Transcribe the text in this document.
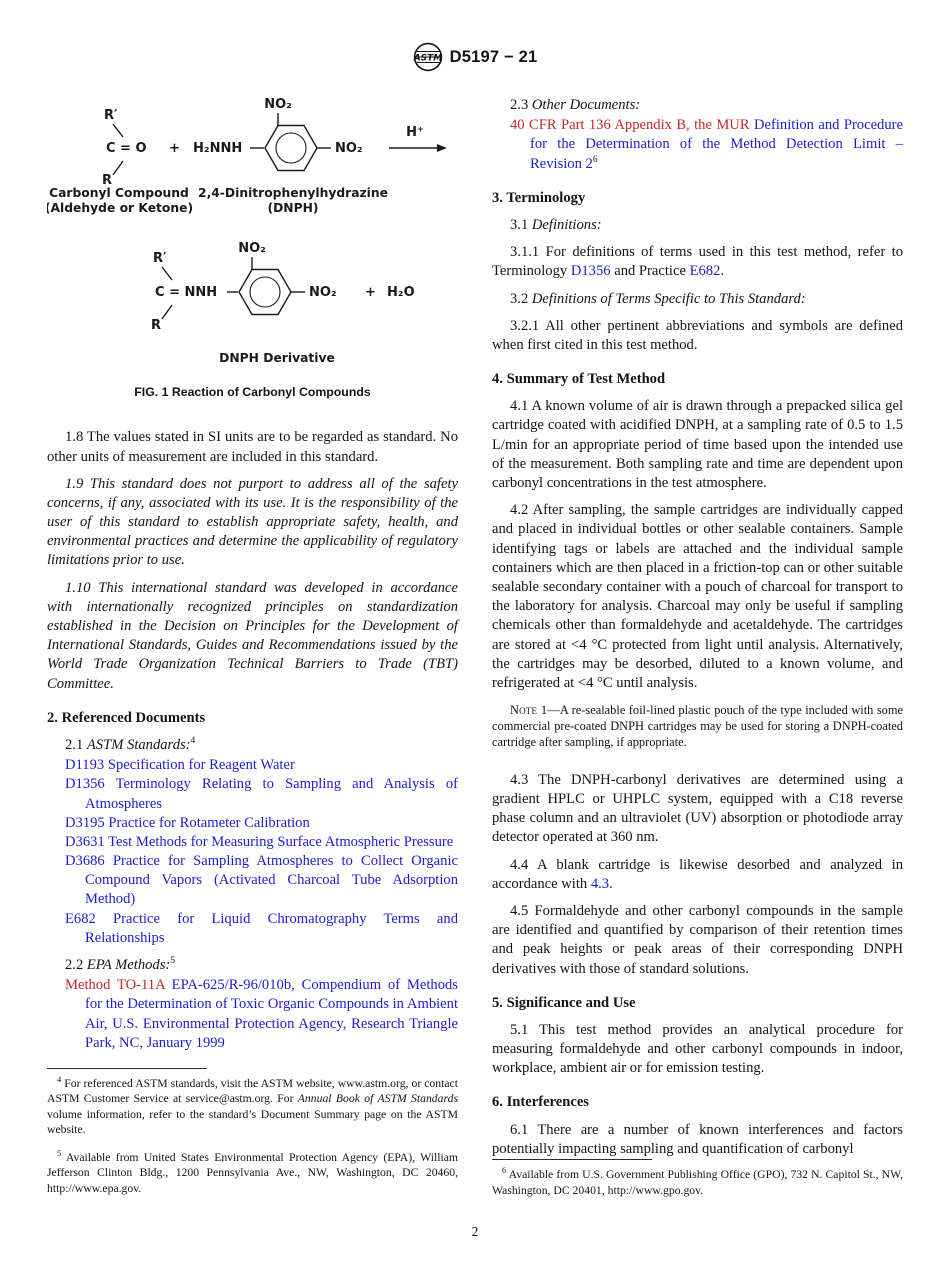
ASTM D5197 − 21
R′
C = O
R
+ H₂NNH
NO₂
NO₂
H⁺
Carbonyl Compound
(Aldehyde or Ketone)
2,4-Dinitrophenylhydrazine
(DNPH)
R′
C = NNH
R
NO₂
NO₂ + H₂O
DNPH Derivative
FIG. 1 Reaction of Carbonyl Compounds

1.8 The values stated in SI units are to be regarded as standard. No other units of measurement are included in this standard.

1.9 This standard does not purport to address all of the safety concerns, if any, associated with its use. It is the responsibility of the user of this standard to establish appropriate safety, health, and environmental practices and determine the applicability of regulatory limitations prior to use.

1.10 This international standard was developed in accordance with internationally recognized principles on standardization established in the Decision on Principles for the Development of International Standards, Guides and Recommendations issued by the World Trade Organization Technical Barriers to Trade (TBT) Committee.

2. Referenced Documents

2.1 ASTM Standards:$^4$

D1193 Specification for Reagent Water
D1356 Terminology Relating to Sampling and Analysis of Atmospheres
D3195 Practice for Rotameter Calibration
D3631 Test Methods for Measuring Surface Atmospheric Pressure
D3686 Practice for Sampling Atmospheres to Collect Organic Compound Vapors (Activated Charcoal Tube Adsorption Method)
E682 Practice for Liquid Chromatography Terms and Relationships

2.2 EPA Methods:$^5$

Method TO-11A EPA-625/R-96/010b, Compendium of Methods for the Determination of Toxic Organic Compounds in Ambient Air, U.S. Environmental Protection Agency, Research Triangle Park, NC, January 1999

$^4$ For referenced ASTM standards, visit the ASTM website, www.astm.org, or contact ASTM Customer Service at service@astm.org. For Annual Book of ASTM Standards volume information, refer to the standard’s Document Summary page on the ASTM website.

$^5$ Available from United States Environmental Protection Agency (EPA), William Jefferson Clinton Bldg., 1200 Pennsylvania Ave., NW, Washington, DC 20460, http://www.epa.gov.

2.3 Other Documents:

40 CFR Part 136 Appendix B, the MUR Definition and Procedure for the Determination of the Method Detection Limit – Revision $2^6$
3. Terminology

3.1 Definitions:

3.1.1 For definitions of terms used in this test method, refer to Terminology D1356 and Practice E682.

3.2 Definitions of Terms Specific to This Standard:

3.2.1 All other pertinent abbreviations and symbols are defined when first cited in this test method.

4. Summary of Test Method

4.1 A known volume of air is drawn through a prepacked silica gel cartridge coated with acidified DNPH, at a sampling rate of 0.5 to 1.5 L/min for an appropriate period of time based upon the intended use of the measurement. Both sampling rate and time are dependent upon carbonyl concentrations in the test atmosphere.

4.2 After sampling, the sample cartridges are individually capped and placed in individual bottles or other sealable containers. Sample identifying tags or labels are attached and the individual sample containers which are then placed in a friction-top can or other suitable sealable secondary container with a pouch of charcoal for transport to the laboratory for analysis. Charcoal may only be useful if sampling chemicals other than formaldehyde and acetaldehyde. The cartridges are stored at <4 °C protected from light until analysis. Alternatively, the cartridges may be desorbed, diluted to a known volume, and refrigerated at <4 °C until analysis.

Note 1—A re-sealable foil-lined plastic pouch of the type included with some commercial pre-coated DNPH cartridges may be used for storing a DNPH-coated cartridge after sampling, if appropriate.

4.3 The DNPH-carbonyl derivatives are determined using a gradient HPLC or UHPLC system, equipped with a C18 reverse phase column and an ultraviolet (UV) absorption or photodiode array detector operated at 360 nm.

4.4 A blank cartridge is likewise desorbed and analyzed in accordance with 4.3.

4.5 Formaldehyde and other carbonyl compounds in the sample are identified and quantified by comparison of their retention times and peak heights or peak areas of their corresponding DNPH derivatives with those of standard solutions.

5. Significance and Use

5.1 This test method provides an analytical procedure for measuring formaldehyde and other carbonyl compounds in indoor, workplace, ambient air or for emission testing.

6. Interferences

6.1 There are a number of known interferences and factors potentially impacting sampling and quantification of carbonyl

$^6$ Available from U.S. Government Publishing Office (GPO), 732 N. Capitol St., NW, Washington, DC 20401, http://www.gpo.gov.

2
